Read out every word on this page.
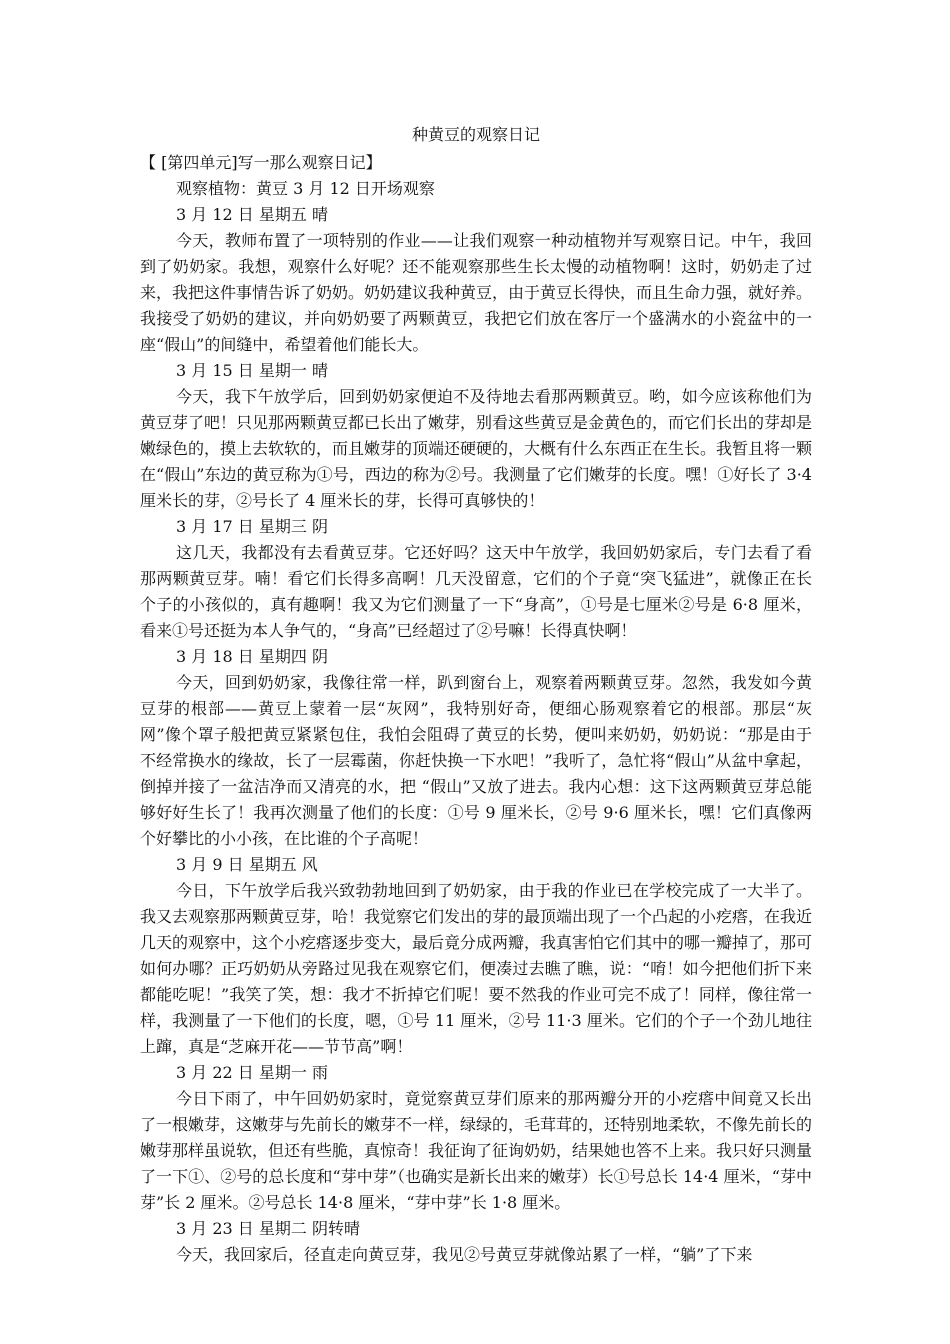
种黄豆的观察日记

【 [第四单元]写一那么观察日记】

观察植物：黄豆 3 月 12 日开场观察

3 月 12 日 星期五 晴

今天，教师布置了一项特别的作业——让我们观察一种动植物并写观察日记。中午，我回到了奶奶家。我想，观察什么好呢？还不能观察那些生长太慢的动植物啊！这时，奶奶走了过来，我把这件事情告诉了奶奶。奶奶建议我种黄豆，由于黄豆长得快，而且生命力强，就好养。我接受了奶奶的建议，并向奶奶要了两颗黄豆，我把它们放在客厅一个盛满水的小瓷盆中的一座“假山”的间缝中，希望着他们能长大。

3 月 15 日 星期一 晴

今天，我下午放学后，回到奶奶家便迫不及待地去看那两颗黄豆。哟，如今应该称他们为黄豆芽了吧！只见那两颗黄豆都已长出了嫩芽，别看这些黄豆是金黄色的，而它们长出的芽却是嫩绿色的，摸上去软软的，而且嫩芽的顶端还硬硬的，大概有什么东西正在生长。我暂且将一颗在“假山”东边的黄豆称为①号，西边的称为②号。我测量了它们嫩芽的长度。嘿！①好长了 3·4 厘米长的芽，②号长了 4 厘米长的芽，长得可真够快的！

3 月 17 日 星期三 阴

这几天，我都没有去看黄豆芽。它还好吗？这天中午放学，我回奶奶家后，专门去看了看那两颗黄豆芽。喃！看它们长得多高啊！几天没留意，它们的个子竟“突飞猛进”，就像正在长个子的小孩似的，真有趣啊！我又为它们测量了一下“身高”，①号是七厘米②号是 6·8 厘米，看来①号还挺为本人争气的，“身高”已经超过了②号嘛！长得真快啊！

3 月 18 日 星期四 阴

今天，回到奶奶家，我像往常一样，趴到窗台上，观察着两颗黄豆芽。忽然，我发如今黄豆芽的根部——黄豆上蒙着一层“灰网”，我特别好奇，便细心肠观察着它的根部。那层“灰网”像个罩子般把黄豆紧紧包住，我怕会阻碍了黄豆的长势，便叫来奶奶，奶奶说：“那是由于不经常换水的缘故，长了一层霉菌，你赶快换一下水吧！”我听了，急忙将“假山”从盆中拿起，倒掉并接了一盆洁净而又清亮的水，把 “假山”又放了进去。我内心想：这下这两颗黄豆芽总能够好好生长了！我再次测量了他们的长度：①号 9 厘米长，②号 9·6 厘米长，嘿！它们真像两个好攀比的小小孩，在比谁的个子高呢！

3 月 9 日 星期五 风

今日，下午放学后我兴致勃勃地回到了奶奶家，由于我的作业已在学校完成了一大半了。我又去观察那两颗黄豆芽，哈！我觉察它们发出的芽的最顶端出现了一个凸起的小疙瘩，在我近几天的观察中，这个小疙瘩逐步变大，最后竟分成两瓣，我真害怕它们其中的哪一瓣掉了，那可如何办哪？正巧奶奶从旁路过见我在观察它们，便凑过去瞧了瞧，说：“唷！如今把他们折下来都能吃呢！”我笑了笑，想：我才不折掉它们呢！要不然我的作业可完不成了！同样，像往常一样，我测量了一下他们的长度，嗯，①号 11 厘米，②号 11·3 厘米。它们的个子一个劲儿地往上蹿，真是“芝麻开花——节节高”啊！

3 月 22 日 星期一 雨

今日下雨了，中午回奶奶家时，竟觉察黄豆芽们原来的那两瓣分开的小疙瘩中间竟又长出了一根嫩芽，这嫩芽与先前长的嫩芽不一样，绿绿的，毛茸茸的，还特别地柔软，不像先前长的嫩芽那样虽说软，但还有些脆，真惊奇！我征询了征询奶奶，结果她也答不上来。我只好只测量了一下①、②号的总长度和“芽中芽”（也确实是新长出来的嫩芽）长①号总长 14·4 厘米，“芽中芽”长 2 厘米。②号总长 14·8 厘米，“芽中芽”长 1·8 厘米。

3 月 23 日 星期二 阴转晴

今天，我回家后，径直走向黄豆芽，我见②号黄豆芽就像站累了一样，“躺”了下来
